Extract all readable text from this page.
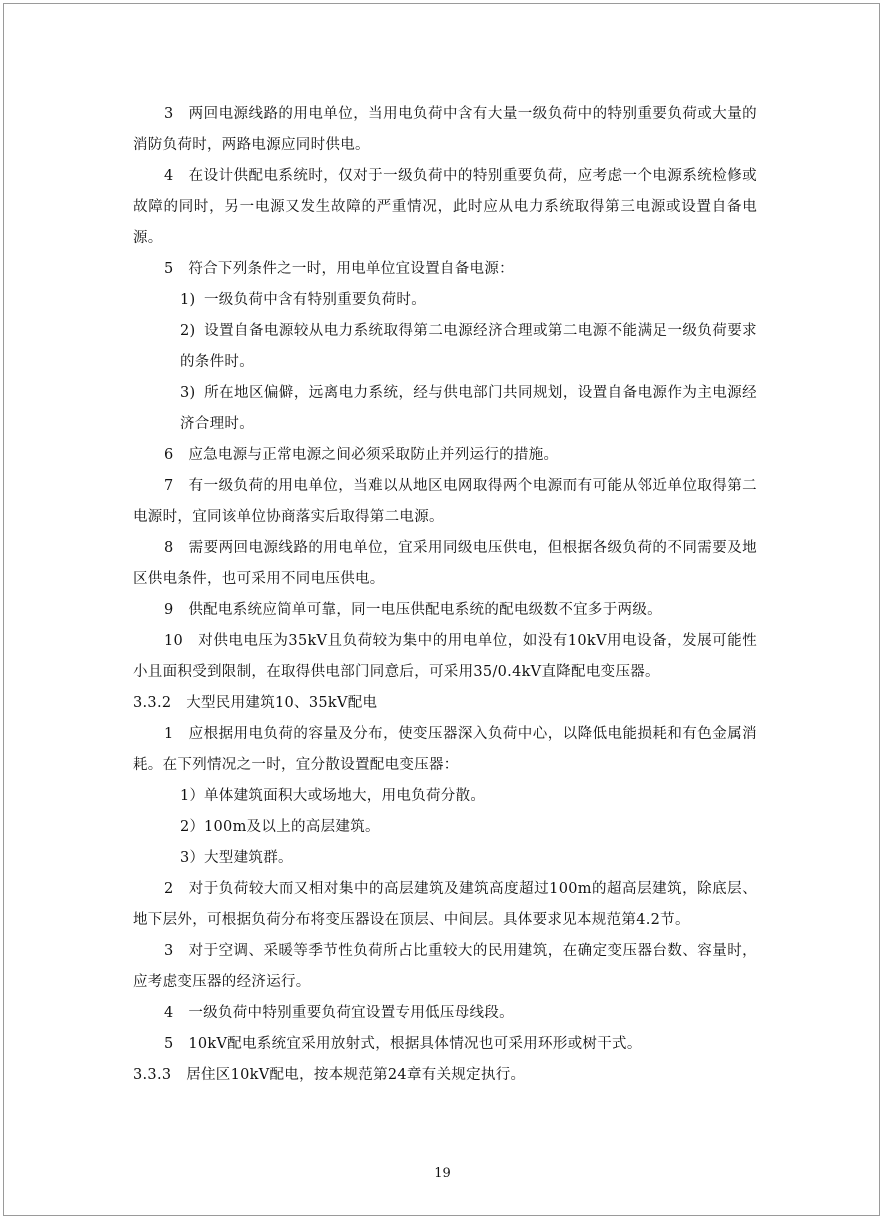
3　两回电源线路的用电单位，当用电负荷中含有大量一级负荷中的特别重要负荷或大量的消防负荷时，两路电源应同时供电。

4　在设计供配电系统时，仅对于一级负荷中的特别重要负荷，应考虑一个电源系统检修或故障的同时，另一电源又发生故障的严重情况，此时应从电力系统取得第三电源或设置自备电源。

5　符合下列条件之一时，用电单位宜设置自备电源：

1) 一级负荷中含有特别重要负荷时。

2) 设置自备电源较从电力系统取得第二电源经济合理或第二电源不能满足一级负荷要求的条件时。

3) 所在地区偏僻，远离电力系统，经与供电部门共同规划，设置自备电源作为主电源经济合理时。

6　应急电源与正常电源之间必须采取防止并列运行的措施。

7　有一级负荷的用电单位，当难以从地区电网取得两个电源而有可能从邻近单位取得第二电源时，宜同该单位协商落实后取得第二电源。

8　需要两回电源线路的用电单位，宜采用同级电压供电，但根据各级负荷的不同需要及地区供电条件，也可采用不同电压供电。

9　供配电系统应简单可靠，同一电压供配电系统的配电级数不宜多于两级。

10　对供电电压为35kV且负荷较为集中的用电单位，如没有10kV用电设备，发展可能性小且面积受到限制，在取得供电部门同意后，可采用35/0.4kV直降配电变压器。

3.3.2　大型民用建筑10、35kV配电

1　应根据用电负荷的容量及分布，使变压器深入负荷中心，以降低电能损耗和有色金属消耗。在下列情况之一时，宜分散设置配电变压器：

1）单体建筑面积大或场地大，用电负荷分散。

2）100m及以上的高层建筑。

3）大型建筑群。

2　对于负荷较大而又相对集中的高层建筑及建筑高度超过100m的超高层建筑，除底层、地下层外，可根据负荷分布将变压器设在顶层、中间层。具体要求见本规范第4.2节。

3　对于空调、采暖等季节性负荷所占比重较大的民用建筑，在确定变压器台数、容量时，应考虑变压器的经济运行。

4　一级负荷中特别重要负荷宜设置专用低压母线段。

5　10kV配电系统宜采用放射式，根据具体情况也可采用环形或树干式。

3.3.3　居住区10kV配电，按本规范第24章有关规定执行。

19
